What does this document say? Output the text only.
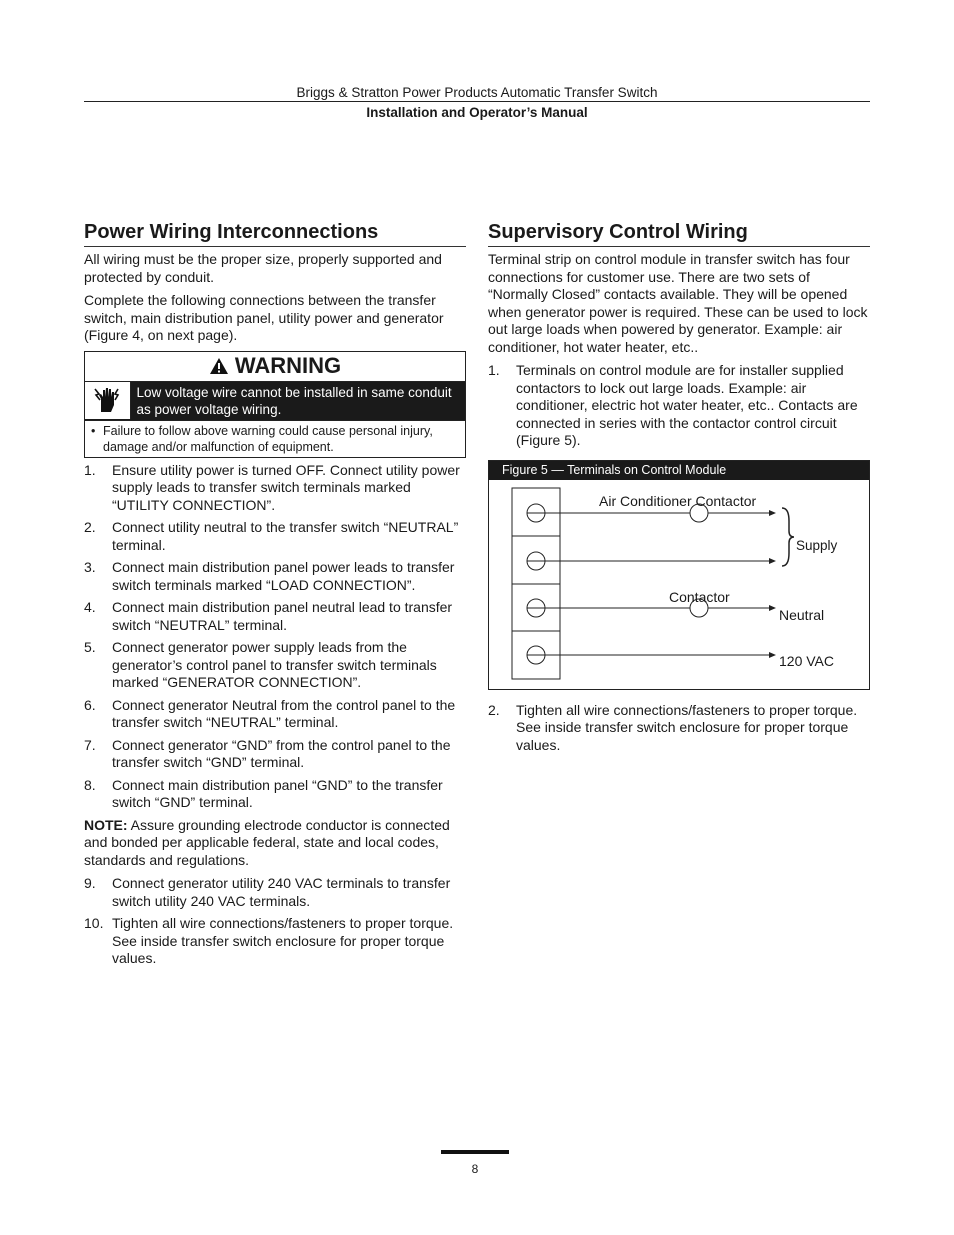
Briggs & Stratton Power Products Automatic Transfer Switch
Installation and Operator’s Manual
Power Wiring Interconnections

All wiring must be the proper size, properly supported and protected by conduit.

Complete the following connections between the transfer switch, main distribution panel, utility power and generator (Figure 4, on next page).

WARNING
Low voltage wire cannot be installed in same conduit as power voltage wiring.
• Failure to follow above warning could cause personal injury, damage and/or malfunction of equipment.
1. Ensure utility power is turned OFF. Connect utility power supply leads to transfer switch terminals marked “UTILITY CONNECTION”.
2. Connect utility neutral to the transfer switch “NEUTRAL” terminal.
3. Connect main distribution panel power leads to transfer switch terminals marked “LOAD CONNECTION”.
4. Connect main distribution panel neutral lead to transfer switch “NEUTRAL” terminal.
5. Connect generator power supply leads from the generator’s control panel to transfer switch terminals marked “GENERATOR CONNECTION”.
6. Connect generator Neutral from the control panel to the transfer switch “NEUTRAL” terminal.
7. Connect generator “GND” from the control panel to the transfer switch “GND” terminal.
8. Connect main distribution panel “GND” to the transfer switch “GND” terminal.

NOTE: Assure grounding electrode conductor is connected and bonded per applicable federal, state and local codes, standards and regulations.

9. Connect generator utility 240 VAC terminals to transfer switch utility 240 VAC terminals.
10. Tighten all wire connections/fasteners to proper torque. See inside transfer switch enclosure for proper torque values.
Supervisory Control Wiring

Terminal strip on control module in transfer switch has four connections for customer use. There are two sets of “Normally Closed” contacts available. They will be opened when generator power is required. These can be used to lock out large loads when powered by generator. Example: air conditioner, hot water heater, etc..

1. Terminals on control module are for installer supplied contactors to lock out large loads. Example: air conditioner, electric hot water heater, etc.. Contacts are connected in series with the contactor control circuit (Figure 5).
Figure 5 — Terminals on Control Module
Air Conditioner Contactor
Supply
Contactor
Neutral
120 VAC
2. Tighten all wire connections/fasteners to proper torque. See inside transfer switch enclosure for proper torque values.
8
